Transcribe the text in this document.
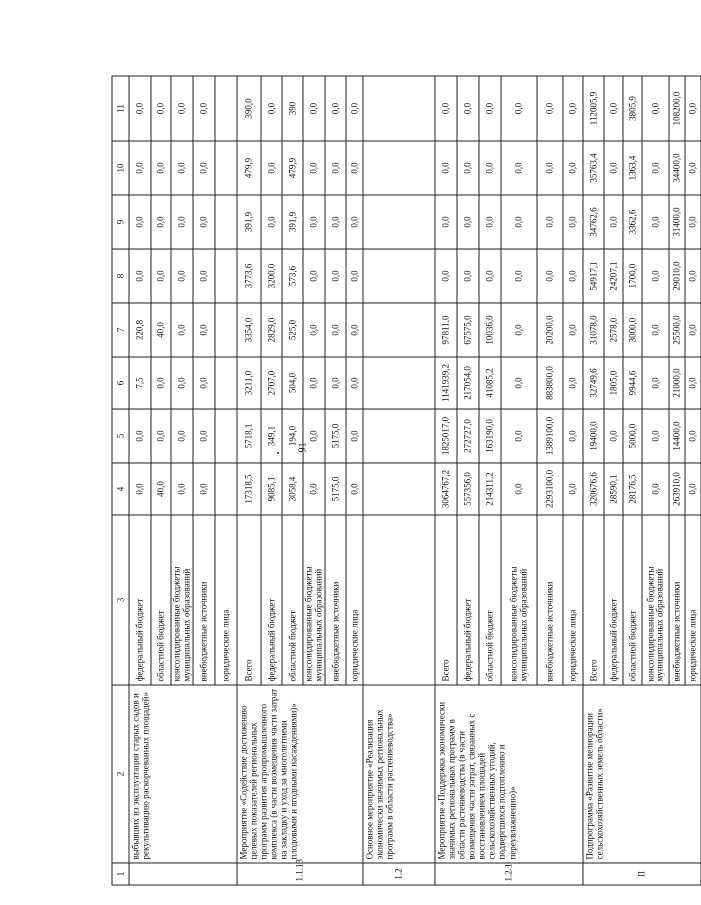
91
1	2	3	4	5	6	7	8	9	10	11
	выбывших из эксплуатации старых садов и рекультивацию раскорчеванных площадей»	федеральный бюджет	0,0	0,0	7,5	220,8	0,0	0,0	0,0	0,0
		областной бюджет	40,0	0,0	0,0	40,0	0,0	0,0	0,0	0,0
		консолидированные бюджеты муниципальных образований	0,0	0,0	0,0	0,0	0,0	0,0	0,0	0,0
		внебюджетные источники	0,0	0,0	0,0	0,0	0,0	0,0	0,0	0,0
		юридические лица								
1.1.13	Мероприятие «Содействие достижению целевых показателей региональных программ развития агропромышленного комплекса (в части возмещения части затрат на закладку и уход за многолетними плодовыми и ягодными насаждениями)»	Всего	17318,5	5718,1	3211,0	3354,0	3773,6	391,9	479,9	390,0
		федеральный бюджет	9085,1	349,1	2707,0	2829,0	3200,0	0,0	0,0	0,0
		областной бюджет	3058,4	194,0	504,0	525,0	573,6	391,9	479,9	390
		консолидированные бюджеты муниципальных образований	0,0	0,0	0,0	0,0	0,0	0,0	0,0	0,0
		внебюджетные источники	5175,0	5175,0	0,0	0,0	0,0	0,0	0,0	0,0
		юридические лица	0,0	0,0	0,0	0,0	0,0	0,0	0,0	0,0
1.2	Основное мероприятие «Реализация экономически значимых региональных программ в области растениеводства»									
1.2.1	Мероприятие «Поддержка экономически значимых региональных программ в области растениеводства (в части возмещения части затрат, связанных с восстановлением площадей сельскохозяйственных угодий, подвергшихся подтоплению и переувлажнению)»	Всего	3064767,2	1825017,0	1141939,2	97811,0	0,0	0,0	0,0	0,0
		федеральный бюджет	557356,0	272727,0	217054,0	67575,0	0,0	0,0	0,0	0,0
		областной бюджет	214311,2	163190,0	41085,2	10036,0	0,0	0,0	0,0	0,0
		консолидированные бюджеты муниципальных образований	0,0	0,0	0,0	0,0	0,0	0,0	0,0	0,0
		внебюджетные источники	2293100,0	1389100,0	883800,0	20200,0	0,0	0,0	0,0	0,0
		юридические лица	0,0	0,0	0,0	0,0	0,0	0,0	0,0	0,0
II	Подпрограмма «Развитие мелиорации сельскохозяйственных земель области»	Всего	320676,6	19400,0	32749,6	31078,0	54917,1	34762,6	35763,4	112005,9
		федеральный бюджет	28590,1	0,0	1805,0	2578,0	24207,1	0,0	0,0	0,0
		областной бюджет	28176,5	5000,0	9944,6	3000,0	1700,0	3362,6	1363,4	3805,9
		консолидированные бюджеты муниципальных образований	0,0	0,0	0,0	0,0	0,0	0,0	0,0	0,0
		внебюджетные источники	263910,0	14400,0	21000,0	25500,0	29010,0	31400,0	34400,0	108200,0
		юридические лица	0,0	0,0	0,0	0,0	0,0	0,0	0,0	0,0
